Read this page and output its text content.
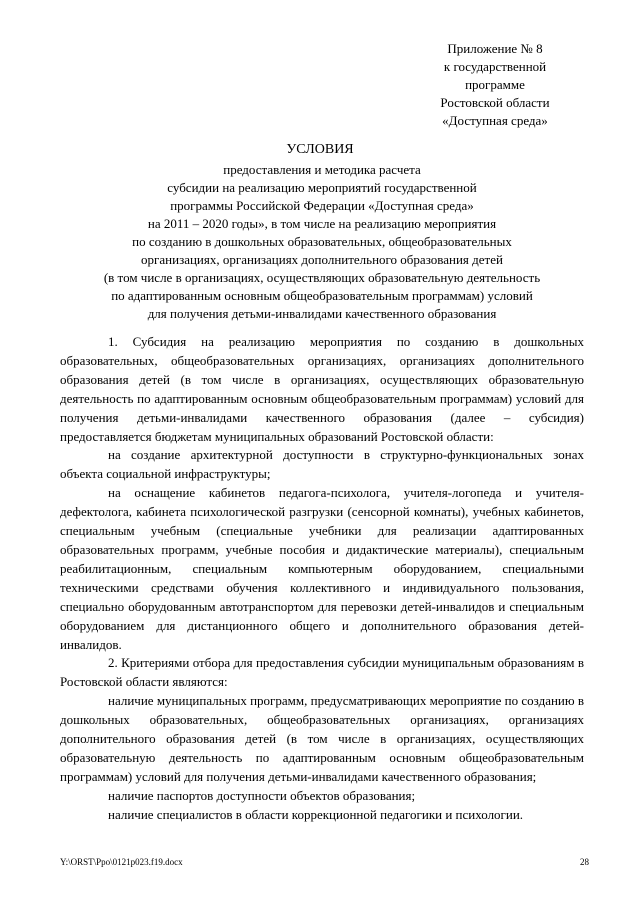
Приложение № 8
к государственной
программе
Ростовской области
«Доступная среда»
УСЛОВИЯ
предоставления и методика расчета
субсидии на реализацию мероприятий государственной
программы Российской Федерации «Доступная среда»
на 2011 – 2020 годы», в том числе на реализацию мероприятия
по созданию в дошкольных образовательных, общеобразовательных
организациях, организациях дополнительного образования детей
(в том числе в организациях, осуществляющих образовательную деятельность
по адаптированным основным общеобразовательным программам) условий
для получения детьми-инвалидами качественного образования

1. Субсидия на реализацию мероприятия по созданию в дошкольных образовательных, общеобразовательных организациях, организациях дополнительного образования детей (в том числе в организациях, осуществляющих образовательную деятельность по адаптированным основным общеобразовательным программам) условий для получения детьми-инвалидами качественного образования (далее – субсидия) предоставляется бюджетам муниципальных образований Ростовской области:

на создание архитектурной доступности в структурно-функциональных зонах объекта социальной инфраструктуры;

на оснащение кабинетов педагога-психолога, учителя-логопеда и учителя-дефектолога, кабинета психологической разгрузки (сенсорной комнаты), учебных кабинетов, специальным учебным (специальные учебники для реализации адаптированных образовательных программ, учебные пособия и дидактические материалы), специальным реабилитационным, специальным компьютерным оборудованием, специальными техническими средствами обучения коллективного и индивидуального пользования, специально оборудованным автотранспортом для перевозки детей-инвалидов и специальным оборудованием для дистанционного общего и дополнительного образования детей-инвалидов.

2. Критериями отбора для предоставления субсидии муниципальным образованиям в Ростовской области являются:

наличие муниципальных программ, предусматривающих мероприятие по созданию в дошкольных образовательных, общеобразовательных организациях, организациях дополнительного образования детей (в том числе в организациях, осуществляющих образовательную деятельность по адаптированным основным общеобразовательным программам) условий для получения детьми-инвалидами качественного образования;

наличие паспортов доступности объектов образования;

наличие специалистов в области коррекционной педагогики и психологии.

Y:\ORST\Ppo\0121p023.f19.docx	28
